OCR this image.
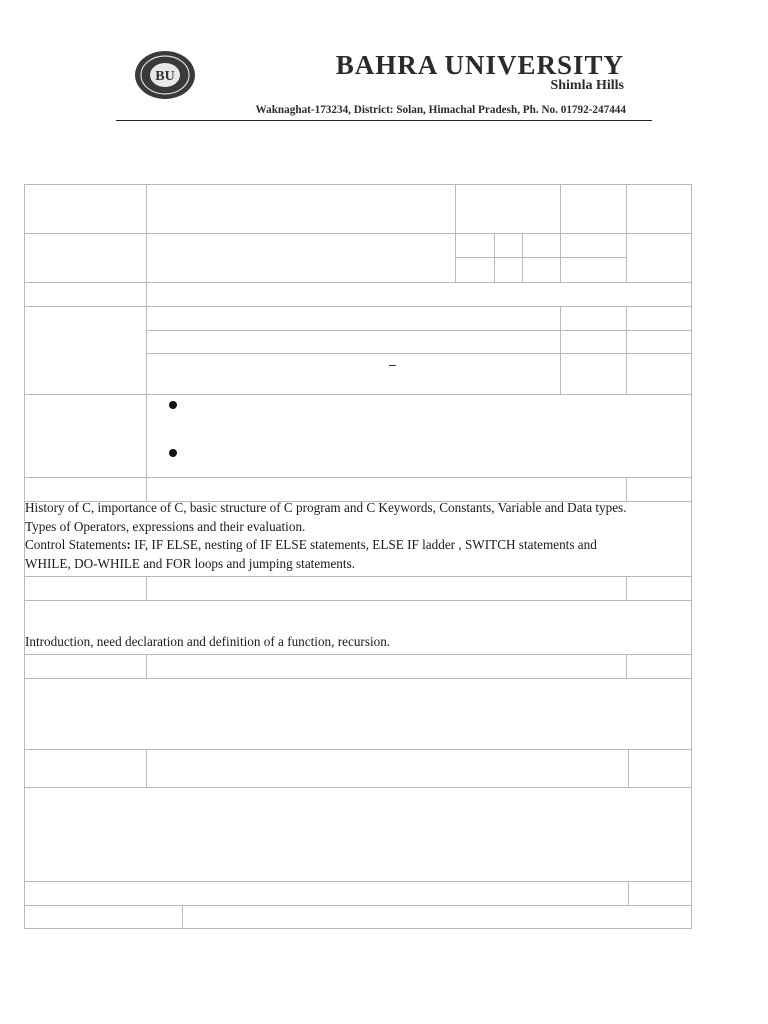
BU	BAHRA UNIVERSITY
Shimla Hills
Waknaghat-173234, District: Solan, Himachal Pradesh, Ph. No. 01792-247444
History of C, importance of C, basic structure of C program and C Keywords, Constants, Variable and Data types.
Types of Operators, expressions and their evaluation.
Control Statements: IF, IF ELSE, nesting of IF ELSE statements, ELSE IF ladder , SWITCH statements and
WHILE, DO-WHILE and FOR loops and jumping statements.
Introduction, need declaration and definition of a function, recursion.
